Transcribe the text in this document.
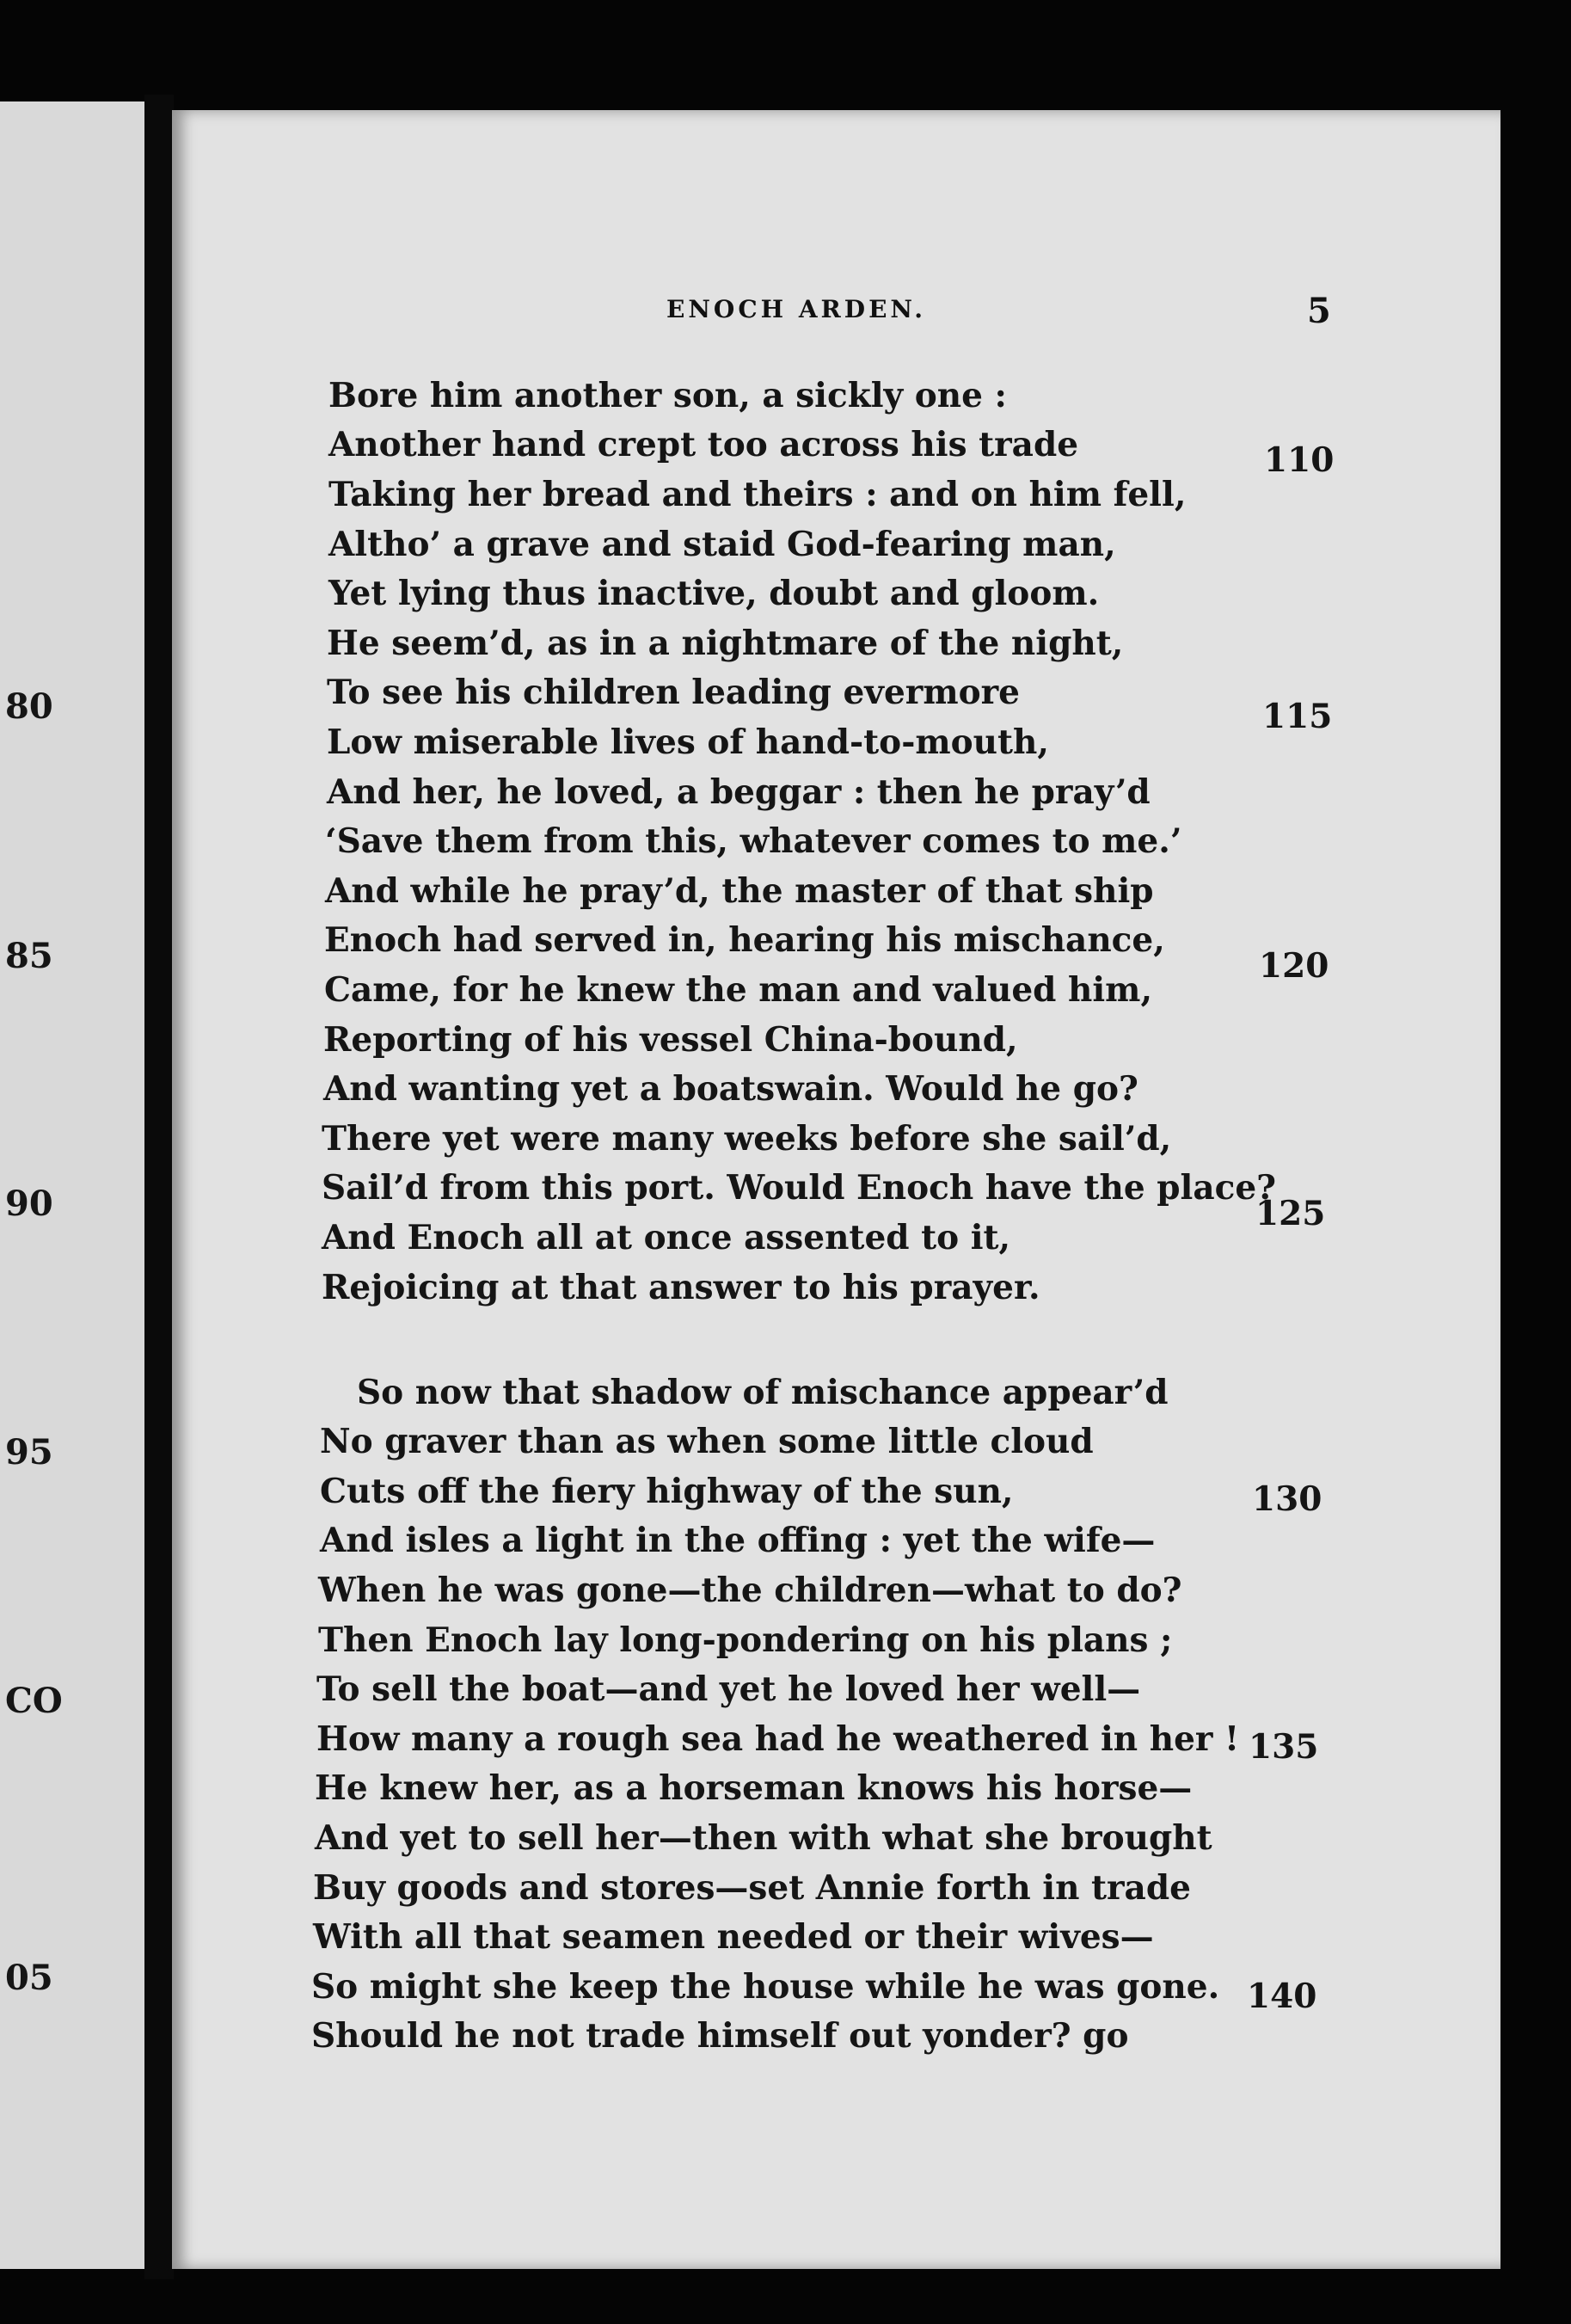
80
85
90
95
CO
05
ENOCH ARDEN.	5
Bore him another son, a sickly one :
Another hand crept too across his trade
Taking her bread and theirs : and on him fell,
Altho’ a grave and staid God-fearing man,
Yet lying thus inactive, doubt and gloom.
He seem’d, as in a nightmare of the night,
To see his children leading evermore
Low miserable lives of hand-to-mouth,
And her, he loved, a beggar : then he pray’d
‘Save them from this, whatever comes to me.’
And while he pray’d, the master of that ship
Enoch had served in, hearing his mischance,
Came, for he knew the man and valued him,
Reporting of his vessel China-bound,
And wanting yet a boatswain. Would he go?
There yet were many weeks before she sail’d,
Sail’d from this port. Would Enoch have the place?
And Enoch all at once assented to it,
Rejoicing at that answer to his prayer.
So now that shadow of mischance appear’d
No graver than as when some little cloud
Cuts off the fiery highway of the sun,
And isles a light in the offing : yet the wife—
When he was gone—the children—what to do?
Then Enoch lay long-pondering on his plans ;
To sell the boat—and yet he loved her well—
How many a rough sea had he weathered in her !
He knew her, as a horseman knows his horse—
And yet to sell her—then with what she brought
Buy goods and stores—set Annie forth in trade
With all that seamen needed or their wives—
So might she keep the house while he was gone.
Should he not trade himself out yonder? go
110
115
120
125
130
135
140
